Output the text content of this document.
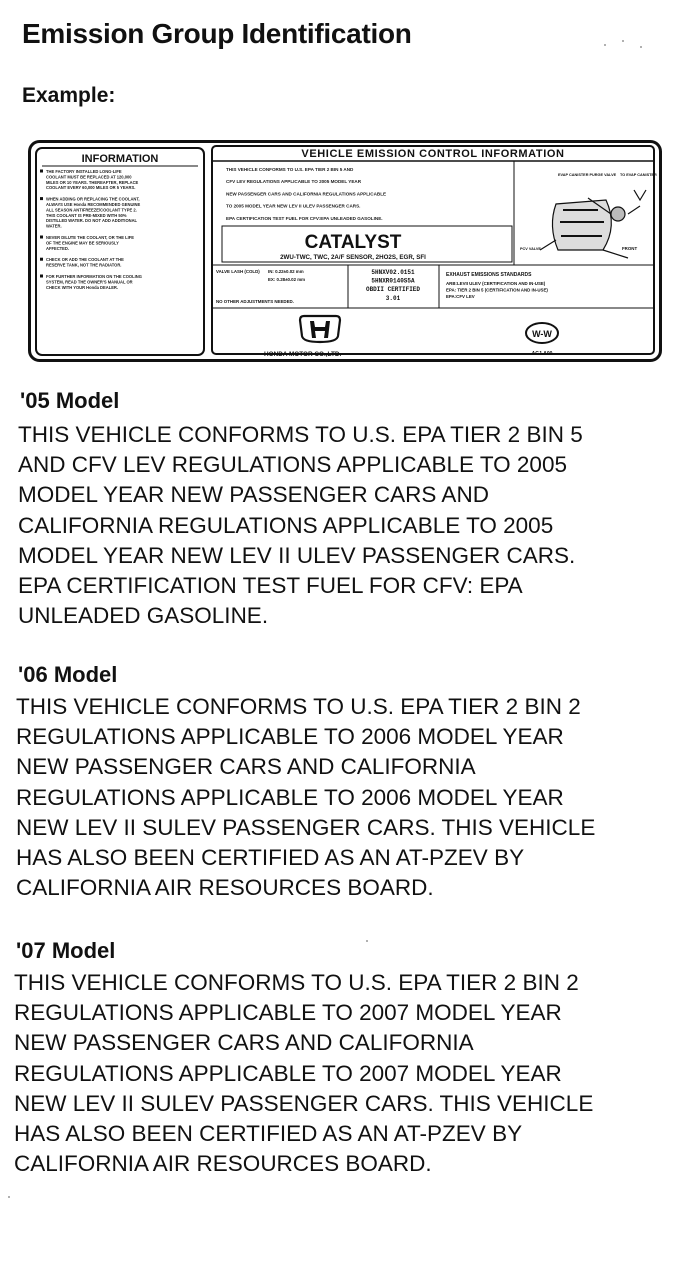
Emission Group Identification
Example:
INFORMATION
THE FACTORY INSTALLED LONG-LIFE COOLANT MUST BE REPLACED AT 120,000 MILES OR 10 YEARS. THEREAFTER, REPLACE COOLANT EVERY 60,000 MILES OR 5 YEARS.
WHEN ADDING OR REPLACING THE COOLANT, ALWAYS USE Honda RECOMMENDED GENUINE ALL SEASON ANTIFREEZE/COOLANT TYPE 2. THIS COOLANT IS PRE-MIXED WITH 50% DISTILLED WATER. DO NOT ADD ADDITIONAL WATER.
NEVER DILUTE THE COOLANT, OR THE LIFE OF THE ENGINE MAY BE SERIOUSLY AFFECTED.
CHECK OR ADD THE COOLANT AT THE RESERVE TANK, NOT THE RADIATOR.
FOR FURTHER INFORMATION ON THE COOLING SYSTEM, READ THE OWNER'S MANUAL OR CHECK WITH YOUR Honda DEALER.
VEHICLE EMISSION CONTROL INFORMATION
THIS VEHICLE CONFORMS TO U.S. EPA TIER 2 BIN 5 AND
CFV LEV REGULATIONS APPLICABLE TO 2005 MODEL YEAR
NEW PASSENGER CARS AND CALIFORNIA REGULATIONS APPLICABLE
TO 2005 MODEL YEAR NEW LEV II ULEV PASSENGER CARS.
EPA CERTIFICATION TEST FUEL FOR CFV:EPA UNLEADED GASOLINE.
CATALYST
2WU-TWC, TWC, 2A/F SENSOR, 2HO2S, EGR, SFI
EVAP CANISTER PURGE VALVE TO EVAP CANISTER
PCV VALVE	FRONT
VALVE LASH (COLD) IN: 0.22±0.02 mm
EX: 0.28±0.02 mm
NO OTHER ADJUSTMENTS NEEDED.
5HNXV02.0151
5HNXR0140S5A
OBDII CERTIFIED
3.01
EXHAUST EMISSIONS STANDARDS
ARB:LEVII ULEV (CERTIFICATION AND IN-USE)
EPA: TIER 2 BIN 5 (CERTIFICATION AND IN-USE)
EPA:CFV LEV
HONDA MOTOR CO.,LTD.
W-W
ACJ-A00
'05 Model
THIS VEHICLE CONFORMS TO U.S. EPA TIER 2 BIN 5
AND CFV LEV REGULATIONS APPLICABLE TO 2005
MODEL YEAR NEW PASSENGER CARS AND
CALIFORNIA REGULATIONS APPLICABLE TO 2005
MODEL YEAR NEW LEV II ULEV PASSENGER CARS.
EPA CERTIFICATION TEST FUEL FOR CFV: EPA
UNLEADED GASOLINE.
'06 Model
THIS VEHICLE CONFORMS TO U.S. EPA TIER 2 BIN 2
REGULATIONS APPLICABLE TO 2006 MODEL YEAR
NEW PASSENGER CARS AND CALIFORNIA
REGULATIONS APPLICABLE TO 2006 MODEL YEAR
NEW LEV II SULEV PASSENGER CARS. THIS VEHICLE
HAS ALSO BEEN CERTIFIED AS AN AT-PZEV BY
CALIFORNIA AIR RESOURCES BOARD.
'07 Model
THIS VEHICLE CONFORMS TO U.S. EPA TIER 2 BIN 2
REGULATIONS APPLICABLE TO 2007 MODEL YEAR
NEW PASSENGER CARS AND CALIFORNIA
REGULATIONS APPLICABLE TO 2007 MODEL YEAR
NEW LEV II SULEV PASSENGER CARS. THIS VEHICLE
HAS ALSO BEEN CERTIFIED AS AN AT-PZEV BY
CALIFORNIA AIR RESOURCES BOARD.
